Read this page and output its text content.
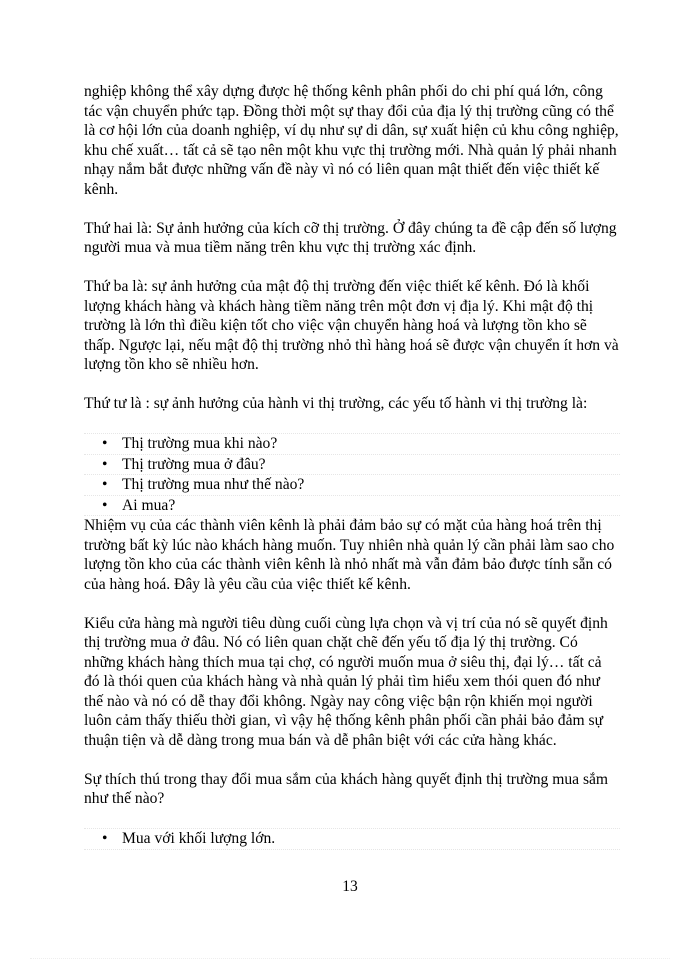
nghiệp không thể xây dựng được hệ thống kênh phân phối do chi phí quá lớn, công tác vận chuyển phức tạp. Đồng thời một sự thay đổi của địa lý thị trường cũng có thể là cơ hội lớn của doanh nghiệp, ví dụ như sự di dân, sự xuất hiện củ khu công nghiệp, khu chế xuất… tất cả sẽ tạo nên một khu vực thị trường mới. Nhà quản lý phải nhanh nhạy nắm bắt được những vấn đề này vì nó có liên quan mật thiết đến việc thiết kế kênh.

Thứ hai là: Sự ảnh hưởng của kích cỡ thị trường. Ở đây chúng ta đề cập đến số lượng người mua và mua tiềm năng trên khu vực thị trường xác định.

Thứ ba là: sự ảnh hưởng của mật độ thị trường đến việc thiết kế kênh. Đó là khối lượng khách hàng và khách hàng tiềm năng trên một đơn vị địa lý. Khi mật độ thị trường là lớn thì điều kiện tốt cho việc vận chuyển hàng hoá và lượng tồn kho sẽ thấp. Ngược lại, nếu mật độ thị trường nhỏ thì hàng hoá sẽ được vận chuyển ít hơn và lượng tồn kho sẽ nhiều hơn.

Thứ tư là : sự ảnh hưởng của hành vi thị trường, các yếu tố hành vi thị trường là:

• Thị trường mua khi nào?
• Thị trường mua ở đâu?
• Thị trường mua như thế nào?
• Ai mua?

Nhiệm vụ của các thành viên kênh là phải đảm bảo sự có mặt của hàng hoá trên thị trường bất kỳ lúc nào khách hàng muốn. Tuy nhiên nhà quản lý cần phải làm sao cho lượng tồn kho của các thành viên kênh là nhỏ nhất mà vẫn đảm bảo được tính sẵn có của hàng hoá. Đây là yêu cầu của việc thiết kế kênh.

Kiểu cửa hàng mà người tiêu dùng cuối cùng lựa chọn và vị trí của nó sẽ quyết định thị trường mua ở đâu. Nó có liên quan chặt chẽ đến yếu tố địa lý thị trường. Có những khách hàng thích mua tại chợ, có người muốn mua ở siêu thị, đại lý… tất cả đó là thói quen của khách hàng và nhà quản lý phải tìm hiểu xem thói quen đó như thế nào và nó có dễ thay đổi không. Ngày nay công việc bận rộn khiến mọi người luôn cảm thấy thiếu thời gian, vì vậy hệ thống kênh phân phối cần phải bảo đảm sự thuận tiện và dễ dàng trong mua bán và dễ phân biệt với các cửa hàng khác.

Sự thích thú trong thay đổi mua sắm của khách hàng quyết định thị trường mua sắm như thế nào?

• Mua với khối lượng lớn.
13
